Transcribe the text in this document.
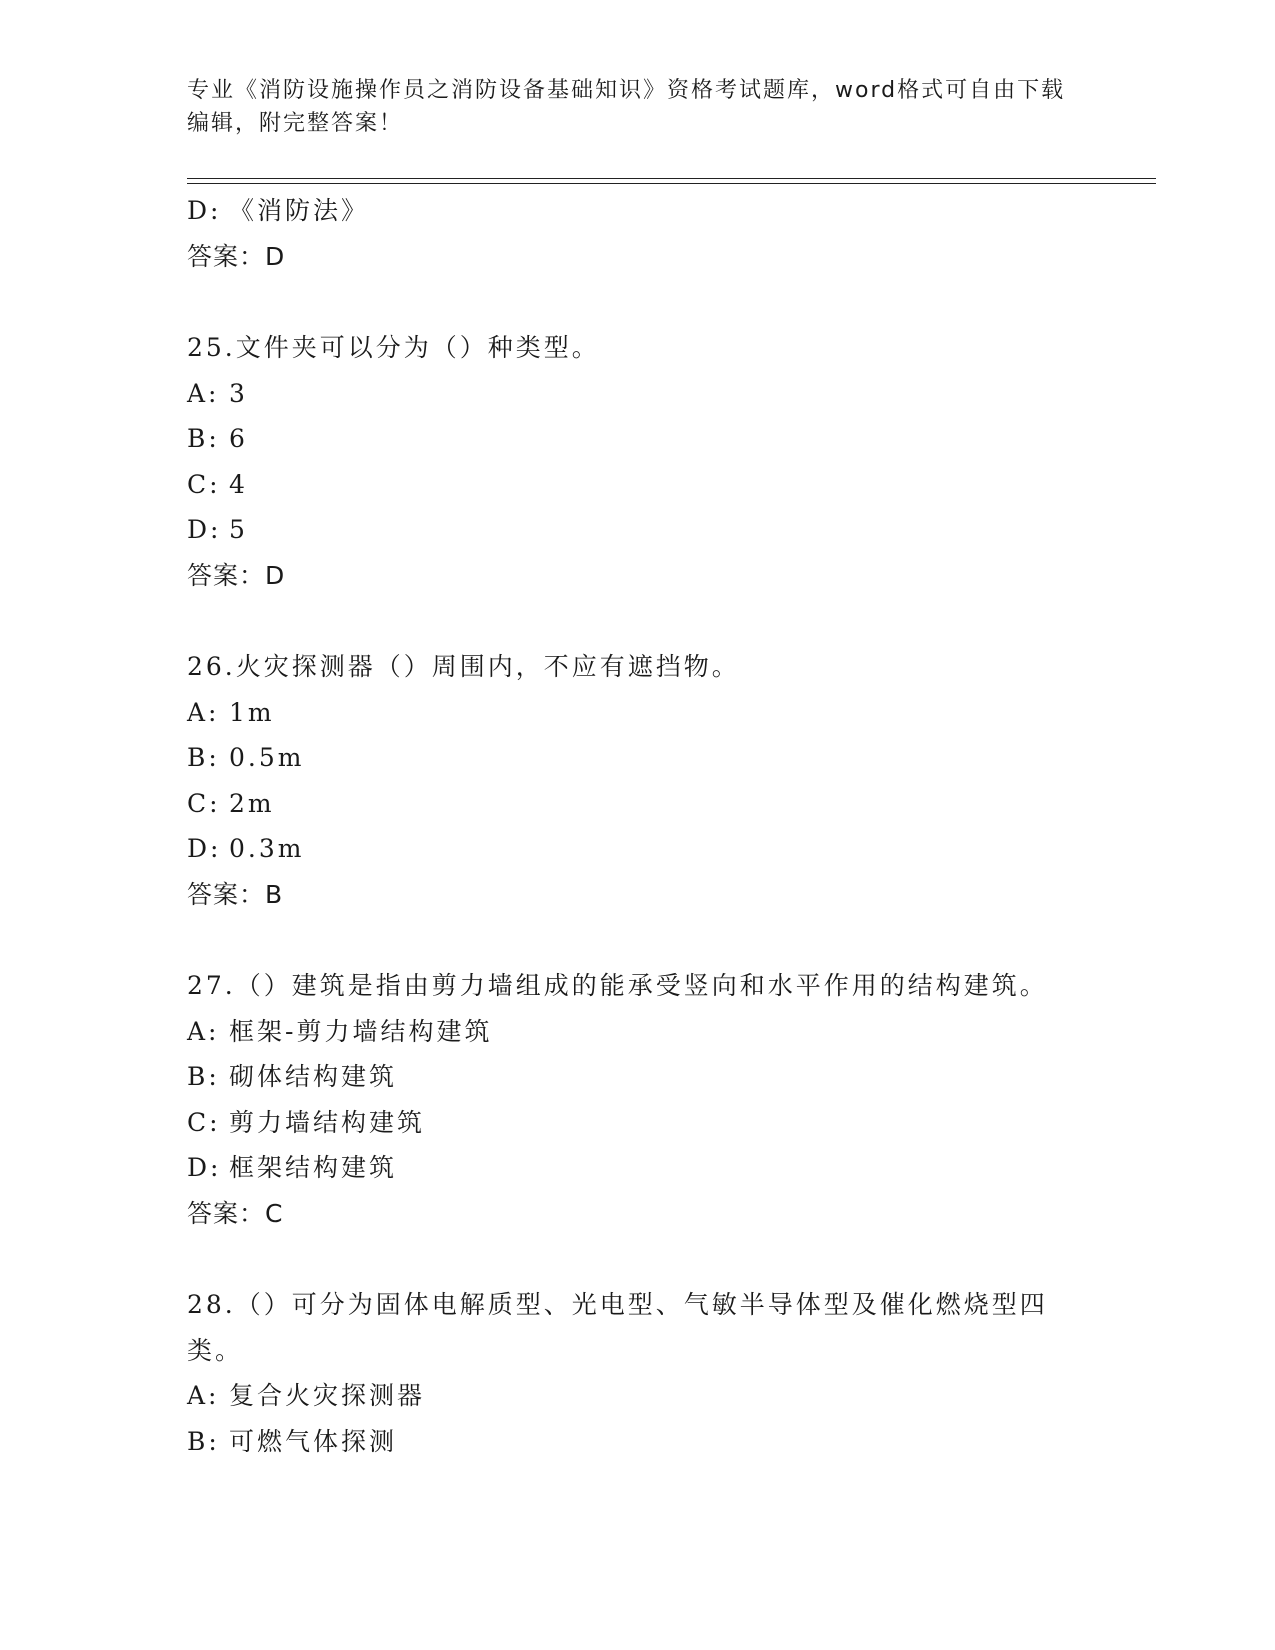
专业《消防设施操作员之消防设备基础知识》资格考试题库，word格式可自由下载编辑，附完整答案！
D: 《消防法》
答案：D
25.文件夹可以分为（）种类型。
A: 3
B: 6
C: 4
D: 5
答案：D
26.火灾探测器（）周围内，不应有遮挡物。
A: 1m
B: 0.5m
C: 2m
D: 0.3m
答案：B
27.（）建筑是指由剪力墙组成的能承受竖向和水平作用的结构建筑。
A: 框架-剪力墙结构建筑
B: 砌体结构建筑
C: 剪力墙结构建筑
D: 框架结构建筑
答案：C
28.（）可分为固体电解质型、光电型、气敏半导体型及催化燃烧型四
类。
A: 复合火灾探测器
B: 可燃气体探测
